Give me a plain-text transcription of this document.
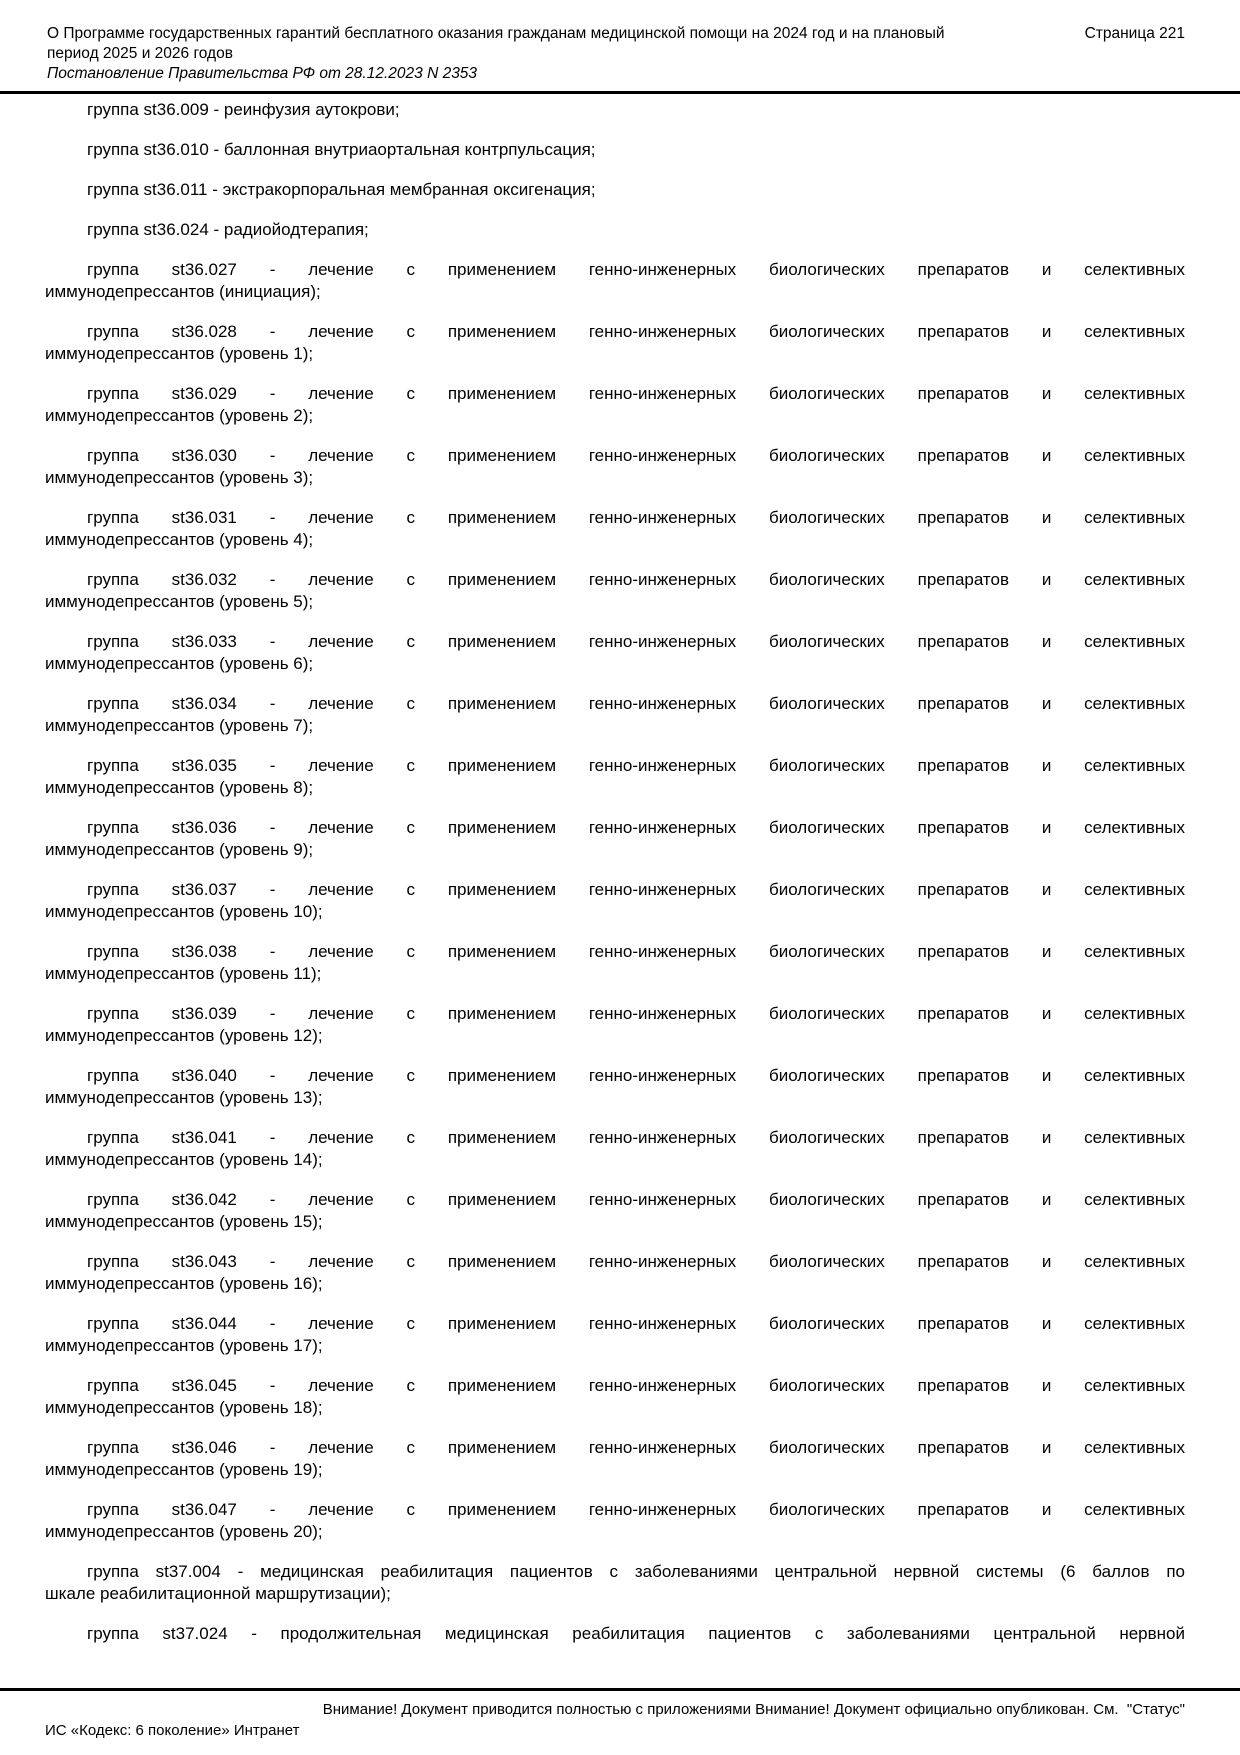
О Программе государственных гарантий бесплатного оказания гражданам медицинской помощи на 2024 год и на плановый период 2025 и 2026 годов
Страница 221
Постановление Правительства РФ от 28.12.2023 N 2353

группа st36.009 - реинфузия аутокрови;

группа st36.010 - баллонная внутриаортальная контрпульсация;

группа st36.011 - экстракорпоральная мембранная оксигенация;

группа st36.024 - радиойодтерапия;

группа st36.027 - лечение с применением генно-инженерных биологических препаратов и селективных
иммунодепрессантов (инициация);

группа st36.028 - лечение с применением генно-инженерных биологических препаратов и селективных
иммунодепрессантов (уровень 1);

группа st36.029 - лечение с применением генно-инженерных биологических препаратов и селективных
иммунодепрессантов (уровень 2);

группа st36.030 - лечение с применением генно-инженерных биологических препаратов и селективных
иммунодепрессантов (уровень 3);

группа st36.031 - лечение с применением генно-инженерных биологических препаратов и селективных
иммунодепрессантов (уровень 4);

группа st36.032 - лечение с применением генно-инженерных биологических препаратов и селективных
иммунодепрессантов (уровень 5);

группа st36.033 - лечение с применением генно-инженерных биологических препаратов и селективных
иммунодепрессантов (уровень 6);

группа st36.034 - лечение с применением генно-инженерных биологических препаратов и селективных
иммунодепрессантов (уровень 7);

группа st36.035 - лечение с применением генно-инженерных биологических препаратов и селективных
иммунодепрессантов (уровень 8);

группа st36.036 - лечение с применением генно-инженерных биологических препаратов и селективных
иммунодепрессантов (уровень 9);

группа st36.037 - лечение с применением генно-инженерных биологических препаратов и селективных
иммунодепрессантов (уровень 10);

группа st36.038 - лечение с применением генно-инженерных биологических препаратов и селективных
иммунодепрессантов (уровень 11);

группа st36.039 - лечение с применением генно-инженерных биологических препаратов и селективных
иммунодепрессантов (уровень 12);

группа st36.040 - лечение с применением генно-инженерных биологических препаратов и селективных
иммунодепрессантов (уровень 13);

группа st36.041 - лечение с применением генно-инженерных биологических препаратов и селективных
иммунодепрессантов (уровень 14);

группа st36.042 - лечение с применением генно-инженерных биологических препаратов и селективных
иммунодепрессантов (уровень 15);

группа st36.043 - лечение с применением генно-инженерных биологических препаратов и селективных
иммунодепрессантов (уровень 16);

группа st36.044 - лечение с применением генно-инженерных биологических препаратов и селективных
иммунодепрессантов (уровень 17);

группа st36.045 - лечение с применением генно-инженерных биологических препаратов и селективных
иммунодепрессантов (уровень 18);

группа st36.046 - лечение с применением генно-инженерных биологических препаратов и селективных
иммунодепрессантов (уровень 19);

группа st36.047 - лечение с применением генно-инженерных биологических препаратов и селективных
иммунодепрессантов (уровень 20);

группа st37.004 - медицинская реабилитация пациентов с заболеваниями центральной нервной системы (6 баллов по
шкале реабилитационной маршрутизации);

группа st37.024 - продолжительная медицинская реабилитация пациентов с заболеваниями центральной нервной

Внимание! Документ приводится полностью с приложениями Внимание! Документ официально опубликован. См.  "Статус"
ИС «Кодекс: 6 поколение» Интранет
